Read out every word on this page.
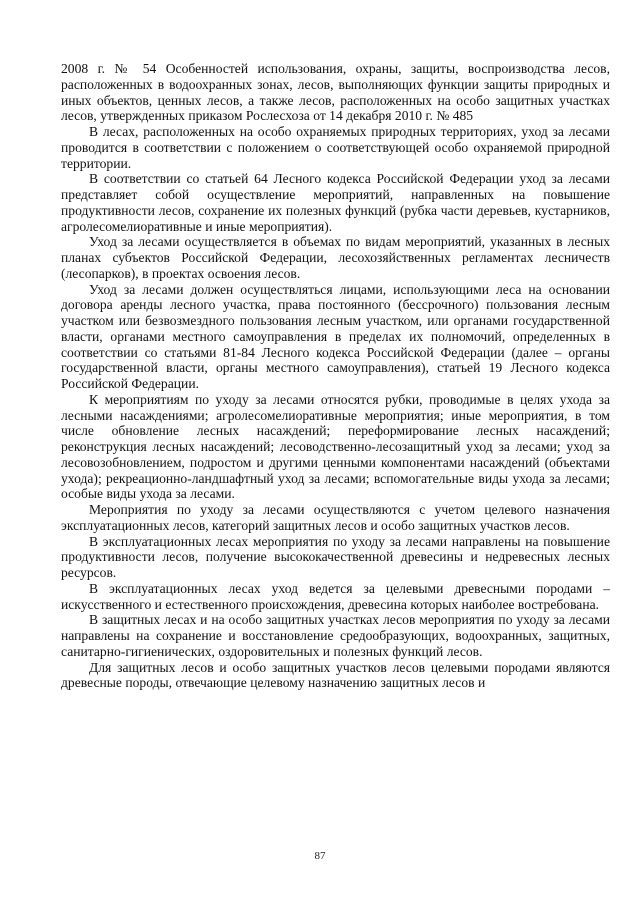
2008 г. № 54 Особенностей использования, охраны, защиты, воспроизводства лесов, расположенных в водоохранных зонах, лесов, выполняющих функции защиты природных и иных объектов, ценных лесов, а также лесов, расположенных на особо защитных участках лесов, утвержденных приказом Рослесхоза от 14 декабря 2010 г. № 485

В лесах, расположенных на особо охраняемых природных территориях, уход за лесами проводится в соответствии с положением о соответствующей особо охраняемой природной территории.

В соответствии со статьей 64 Лесного кодекса Российской Федерации уход за лесами представляет собой осуществление мероприятий, направленных на повышение продуктивности лесов, сохранение их полезных функций (рубка части деревьев, кустарников, агролесомелиоративные и иные мероприятия).

Уход за лесами осуществляется в объемах по видам мероприятий, указанных в лесных планах субъектов Российской Федерации, лесохозяйственных регламентах лесничеств (лесопарков), в проектах освоения лесов.

Уход за лесами должен осуществляться лицами, использующими леса на основании договора аренды лесного участка, права постоянного (бессрочного) пользования лесным участком или безвозмездного пользования лесным участком, или органами государственной власти, органами местного самоуправления в пределах их полномочий, определенных в соответствии со статьями 81-84 Лесного кодекса Российской Федерации (далее – органы государственной власти, органы местного самоуправления), статьей 19 Лесного кодекса Российской Федерации.

К мероприятиям по уходу за лесами относятся рубки, проводимые в целях ухода за лесными насаждениями; агролесомелиоративные мероприятия; иные мероприятия, в том числе обновление лесных насаждений; переформирование лесных насаждений; реконструкция лесных насаждений; лесоводственно-лесозащитный уход за лесами; уход за лесовозобновлением, подростом и другими ценными компонентами насаждений (объектами ухода); рекреационно-ландшафтный уход за лесами; вспомогательные виды ухода за лесами; особые виды ухода за лесами.

Мероприятия по уходу за лесами осуществляются с учетом целевого назначения эксплуатационных лесов, категорий защитных лесов и особо защитных участков лесов.

В эксплуатационных лесах мероприятия по уходу за лесами направлены на повышение продуктивности лесов, получение высококачественной древесины и недревесных лесных ресурсов.

В эксплуатационных лесах уход ведется за целевыми древесными породами – искусственного и естественного происхождения, древесина которых наиболее востребована.

В защитных лесах и на особо защитных участках лесов мероприятия по уходу за лесами направлены на сохранение и восстановление средообразующих, водоохранных, защитных, санитарно-гигиенических, оздоровительных и полезных функций лесов.

Для защитных лесов и особо защитных участков лесов целевыми породами являются древесные породы, отвечающие целевому назначению защитных лесов и

87
